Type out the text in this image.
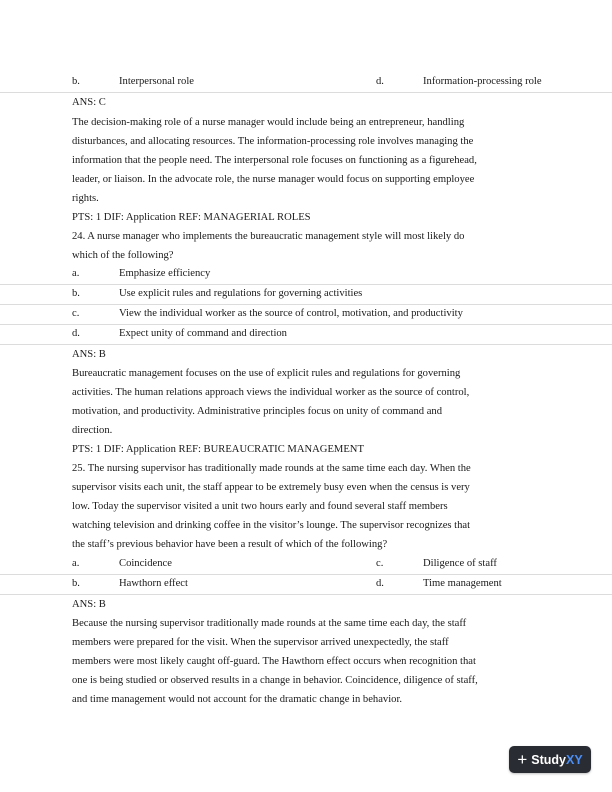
b.	Interpersonal role	d.	Information-processing role
ANS: C
The decision-making role of a nurse manager would include being an entrepreneur, handling
disturbances, and allocating resources. The information-processing role involves managing the
information that the people need. The interpersonal role focuses on functioning as a figurehead,
leader, or liaison. In the advocate role, the nurse manager would focus on supporting employee
rights.
PTS: 1 DIF: Application REF: MANAGERIAL ROLES
24. A nurse manager who implements the bureaucratic management style will most likely do
which of the following?
a.	Emphasize efficiency
b.	Use explicit rules and regulations for governing activities
c.	View the individual worker as the source of control, motivation, and productivity
d.	Expect unity of command and direction
ANS: B
Bureaucratic management focuses on the use of explicit rules and regulations for governing
activities. The human relations approach views the individual worker as the source of control,
motivation, and productivity. Administrative principles focus on unity of command and
direction.
PTS: 1 DIF: Application REF: BUREAUCRATIC MANAGEMENT
25. The nursing supervisor has traditionally made rounds at the same time each day. When the
supervisor visits each unit, the staff appear to be extremely busy even when the census is very
low. Today the supervisor visited a unit two hours early and found several staff members
watching television and drinking coffee in the visitor’s lounge. The supervisor recognizes that
the staff’s previous behavior have been a result of which of the following?
a.	Coincidence	c.	Diligence of staff
b.	Hawthorn effect	d.	Time management
ANS: B
Because the nursing supervisor traditionally made rounds at the same time each day, the staff
members were prepared for the visit. When the supervisor arrived unexpectedly, the staff
members were most likely caught off-guard. The Hawthorn effect occurs when recognition that
one is being studied or observed results in a change in behavior. Coincidence, diligence of staff,
and time management would not account for the dramatic change in behavior.
+ Study XY
